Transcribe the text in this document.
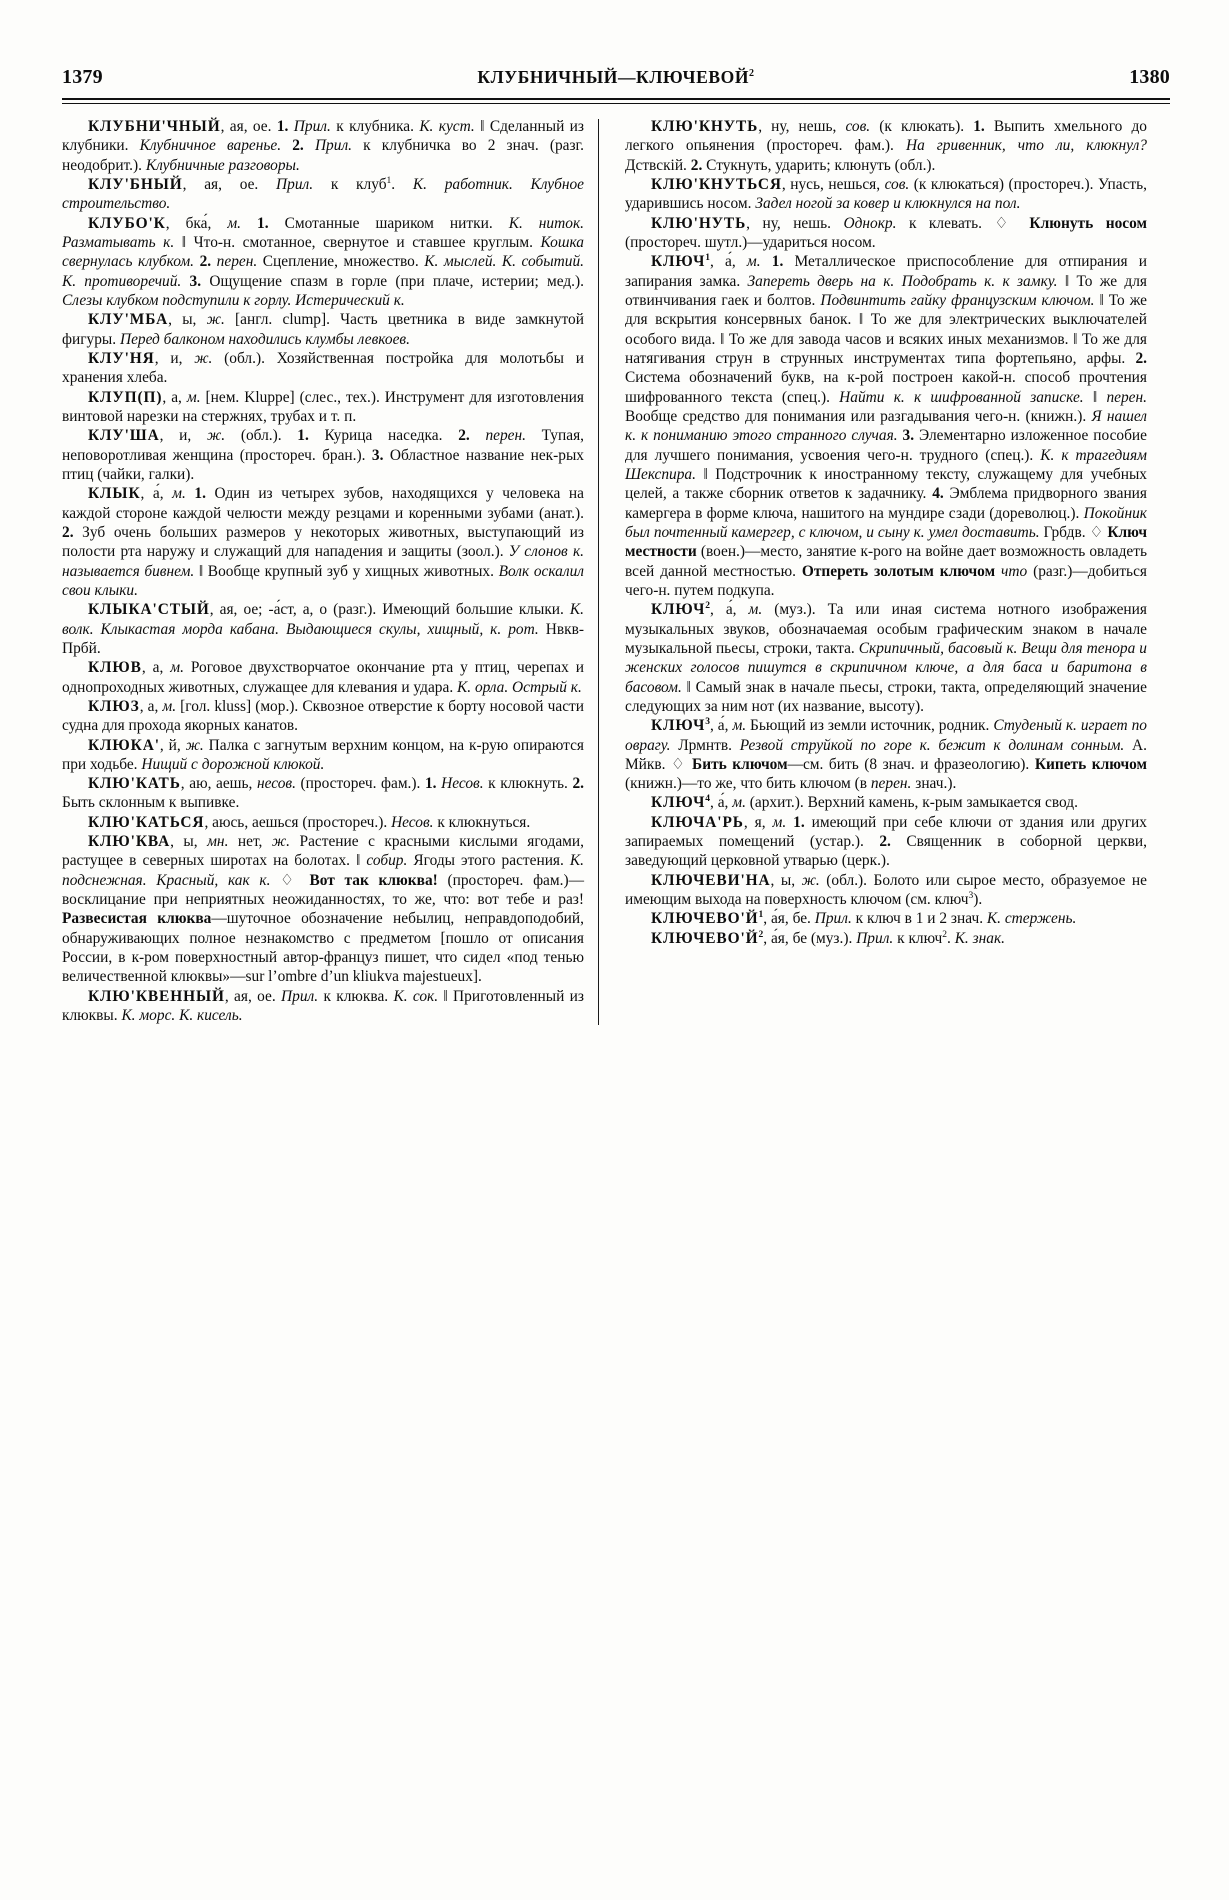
1379	КЛУБНИЧНЫЙ—КЛЮЧЕВОЙ$^2$	1380

КЛУБНИ'ЧНЫЙ, ая, ое. 1. Прил. к клубника. К. куст. ‖ Сделанный из клубники. Клубничное варенье. 2. Прил. к клубничка во 2 знач. (разг. неодобрит.). Клубничные разговоры.

КЛУ'БНЫЙ, ая, ое. Прил. к клуб$^1$. К. работник. Клубное строительство.

КЛУБО'К, бка́, м. 1. Смотанные шариком нитки. К. ниток. Разматывать к. ‖ Что-н. смотанное, свернутое и ставшее круглым. Кошка свернулась клубком. 2. перен. Сцепление, множество. К. мыслей. К. событий. К. противоречий. 3. Ощущение спазм в горле (при плаче, истерии; мед.). Слезы клубком подступили к горлу. Истерический к.

КЛУ'МБА, ы, ж. [англ. clump]. Часть цветника в виде замкнутой фигуры. Перед балконом находились клумбы левкоев.

КЛУ'НЯ, и, ж. (обл.). Хозяйственная постройка для молотьбы и хранения хлеба.

КЛУП(П), а, м. [нем. Kluppe] (слес., тех.). Инструмент для изготовления винтовой нарезки на стержнях, трубах и т. п.

КЛУ'ША, и, ж. (обл.). 1. Курица наседка. 2. перен. Тупая, неповоротливая женщина (простореч. бран.). 3. Областное название нек-рых птиц (чайки, галки).

КЛЫК, а́, м. 1. Один из четырех зубов, находящихся у человека на каждой стороне каждой челюсти между резцами и коренными зубами (анат.). 2. Зуб очень больших размеров у некоторых животных, выступающий из полости рта наружу и служащий для нападения и защиты (зоол.). У слонов к. называется бивнем. ‖ Вообще крупный зуб у хищных животных. Волк оскалил свои клыки.

КЛЫКА'СТЫЙ, ая, ое; -а́ст, а, о (разг.). Имеющий большие клыки. К. волк. Клыкастая морда кабана. Выдающиеся скулы, хищный, к. рот. Нвкв-Прбй.

КЛЮВ, а, м. Роговое двухстворчатое окончание рта у птиц, черепах и однопроходных животных, служащее для клевания и удара. К. орла. Острый к.

КЛЮЗ, а, м. [гол. kluss] (мор.). Сквозное отверстие к борту носовой части судна для прохода якорных канатов.

КЛЮКА', й, ж. Палка с загнутым верхним концом, на к-рую опираются при ходьбе. Нищий с дорожной клюкой.

КЛЮ'КАТЬ, аю, аешь, несов. (простореч. фам.). 1. Несов. к клюкнуть. 2. Быть склонным к выпивке.

КЛЮ'КАТЬСЯ, аюсь, аешься (простореч.). Несов. к клюкнуться.

КЛЮ'КВА, ы, мн. нет, ж. Растение с красными кислыми ягодами, растущее в северных широтах на болотах. ‖ собир. Ягоды этого растения. К. подснежная. Красный, как к. ♢ Вот так клюква! (простореч. фам.)—восклицание при неприятных неожиданностях, то же, что: вот тебе и раз! Развесистая клюква—шуточное обозначение небылиц, неправдоподобий, обнаруживающих полное незнакомство с предметом [пошло от описания России, в к-ром поверхностный автор-француз пишет, что сидел «под тенью величественной клюквы»—sur l’ombre d’un kliukva majestueux].

КЛЮ'КВЕННЫЙ, ая, ое. Прил. к клюква. К. сок. ‖ Приготовленный из клюквы. К. морс. К. кисель.

КЛЮ'КНУТЬ, ну, нешь, сов. (к клюкать). 1. Выпить хмельного до легкого опьянения (простореч. фам.). На гривенник, что ли, клюкнул? Дствскій. 2. Стукнуть, ударить; клюнуть (обл.).

КЛЮ'КНУТЬСЯ, нусь, нешься, сов. (к клюкаться) (простореч.). Упасть, ударившись носом. Задел ногой за ковер и клюкнулся на пол.

КЛЮ'НУТЬ, ну, нешь. Однокр. к клевать. ♢ Клюнуть носом (простореч. шутл.)—удариться носом.

КЛЮЧ$^1$, а́, м. 1. Металлическое приспособление для отпирания и запирания замка. Запереть дверь на к. Подобрать к. к замку. ‖ То же для отвинчивания гаек и болтов. Подвинтить гайку французским ключом. ‖ То же для вскрытия консервных банок. ‖ То же для электрических выключателей особого вида. ‖ То же для завода часов и всяких иных механизмов. ‖ То же для натягивания струн в струнных инструментах типа фортепьяно, арфы. 2. Система обозначений букв, на к-рой построен какой-н. способ прочтения шифрованного текста (спец.). Найти к. к шифрованной записке. ‖ перен. Вообще средство для понимания или разгадывания чего-н. (книжн.). Я нашел к. к пониманию этого странного случая. 3. Элементарно изложенное пособие для лучшего понимания, усвоения чего-н. трудного (спец.). К. к трагедиям Шекспира. ‖ Подстрочник к иностранному тексту, служащему для учебных целей, а также сборник ответов к задачнику. 4. Эмблема придворного звания камергера в форме ключа, нашитого на мундире сзади (дореволюц.). Покойник был почтенный камергер, с ключом, и сыну к. умел доставить. Грбдв. ♢ Ключ местности (воен.)—место, занятие к-рого на войне дает возможность овладеть всей данной местностью. Отпереть золотым ключом что (разг.)—добиться чего-н. путем подкупа.

КЛЮЧ$^2$, а́, м. (муз.). Та или иная система нотного изображения музыкальных звуков, обозначаемая особым графическим знаком в начале музыкальной пьесы, строки, такта. Скрипичный, басовый к. Вещи для тенора и женских голосов пишутся в скрипичном ключе, а для баса и баритона в басовом. ‖ Самый знак в начале пьесы, строки, такта, определяющий значение следующих за ним нот (их название, высоту).

КЛЮЧ$^3$, а́, м. Бьющий из земли источник, родник. Студеный к. играет по оврагу. Лрмнтв. Резвой струйкой по горе к. бежит к долинам сонным. А. Мйкв. ♢ Бить ключом—см. бить (8 знач. и фразеологию). Кипеть ключом (книжн.)—то же, что бить ключом (в перен. знач.).

КЛЮЧ$^4$, а́, м. (архит.). Верхний камень, к-рым замыкается свод.

КЛЮЧА'РЬ, я, м. 1. имеющий при себе ключи от здания или других запираемых помещений (устар.). 2. Священник в соборной церкви, заведующий церковной утварью (церк.).

КЛЮЧЕВИ'НА, ы, ж. (обл.). Болото или сырое место, образуемое не имеющим выхода на поверхность ключом (см. ключ$^3$).

$КЛЮЧЕВО'Й^1$, а́я, бе. Прил. к ключ в 1 и 2 знач. К. стержень.

$КЛЮЧЕВО'Й^2$, а́я, бе (муз.). Прил. к ключ$^2$. К. знак.
